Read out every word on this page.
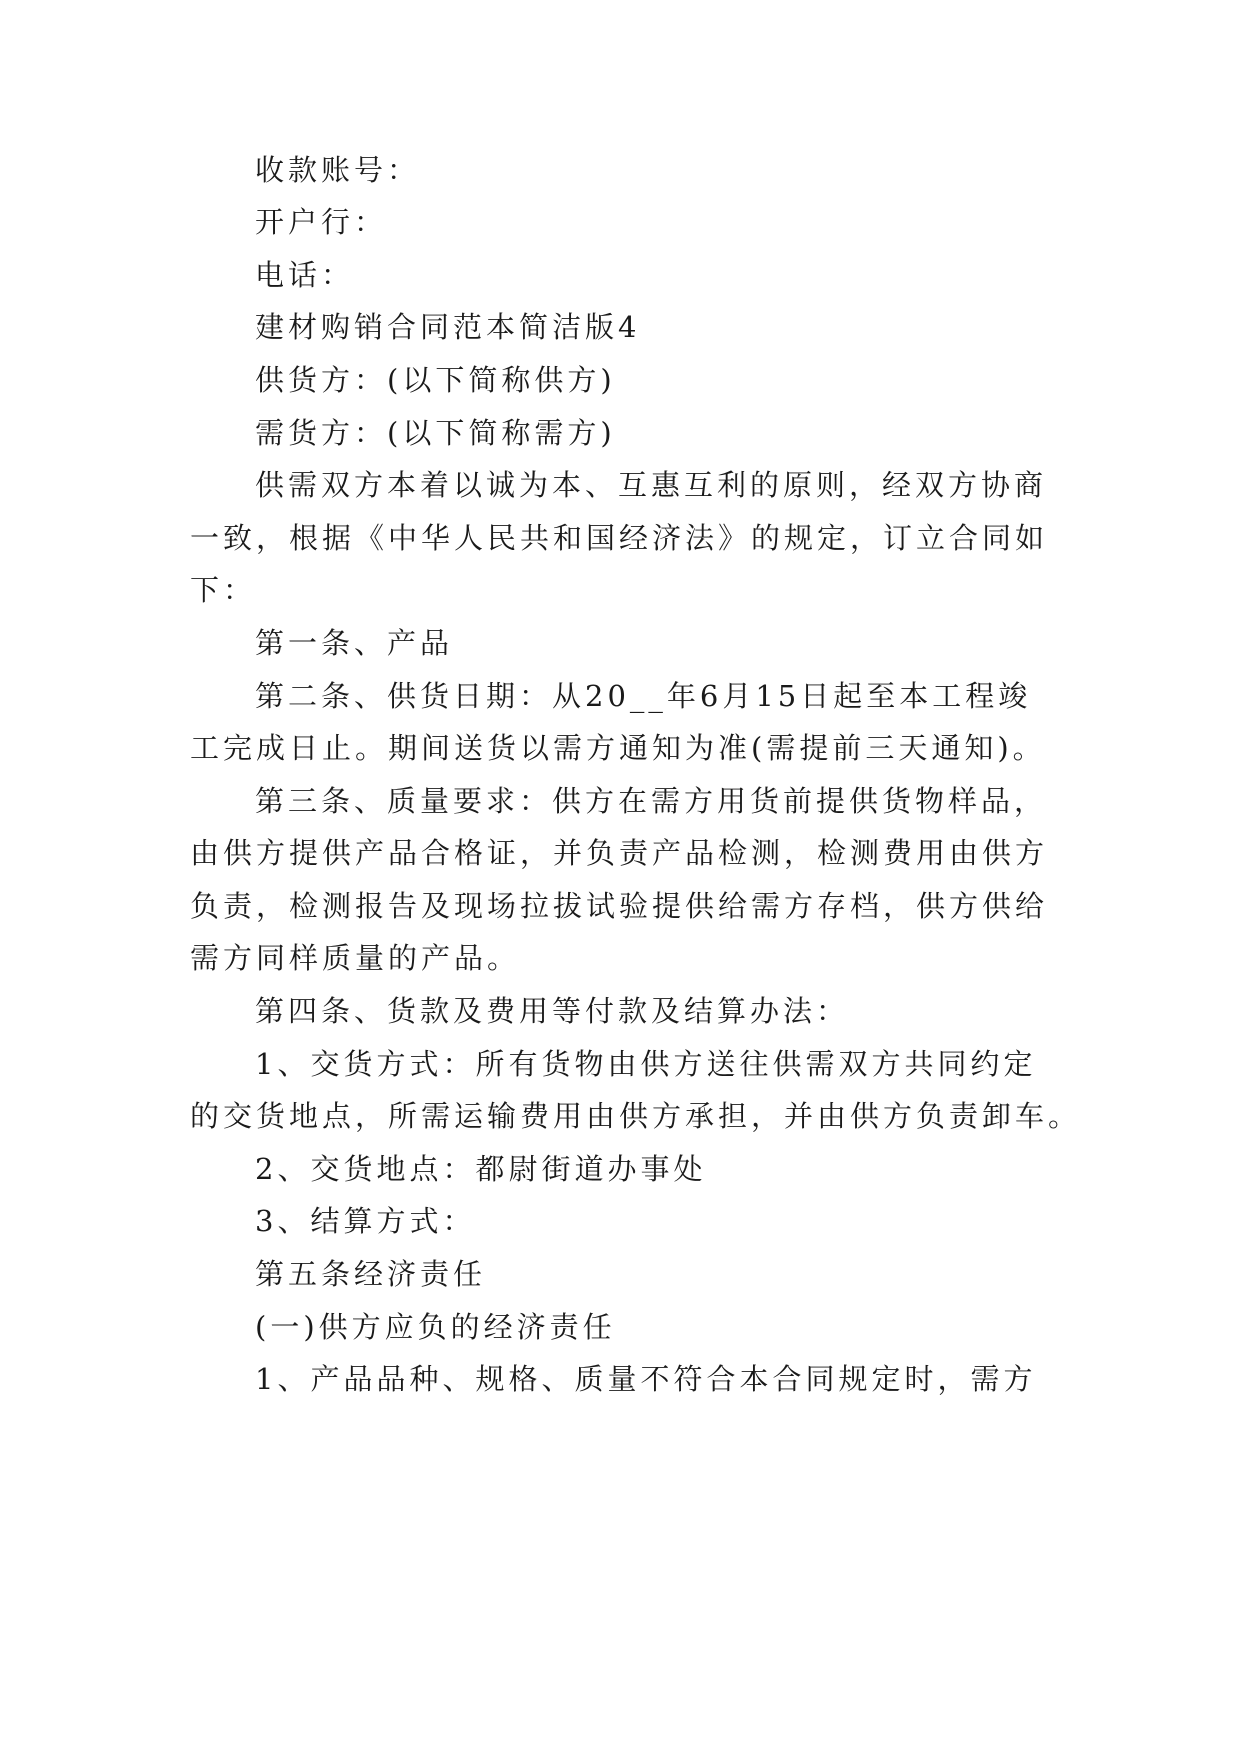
收款账号：
开户行：
电话：
建材购销合同范本简洁版4
供货方：(以下简称供方)
需货方：(以下简称需方)
供需双方本着以诚为本、互惠互利的原则，经双方协商
一致，根据《中华人民共和国经济法》的规定，订立合同如
下：
第一条、产品
第二条、供货日期：从20__年6月15日起至本工程竣
工完成日止。期间送货以需方通知为准(需提前三天通知)。
第三条、质量要求：供方在需方用货前提供货物样品，
由供方提供产品合格证，并负责产品检测，检测费用由供方
负责，检测报告及现场拉拔试验提供给需方存档，供方供给
需方同样质量的产品。
第四条、货款及费用等付款及结算办法：
1、交货方式：所有货物由供方送往供需双方共同约定
的交货地点，所需运输费用由供方承担，并由供方负责卸车。
2、交货地点：都尉街道办事处
3、结算方式：
第五条经济责任
(一)供方应负的经济责任
1、产品品种、规格、质量不符合本合同规定时，需方
